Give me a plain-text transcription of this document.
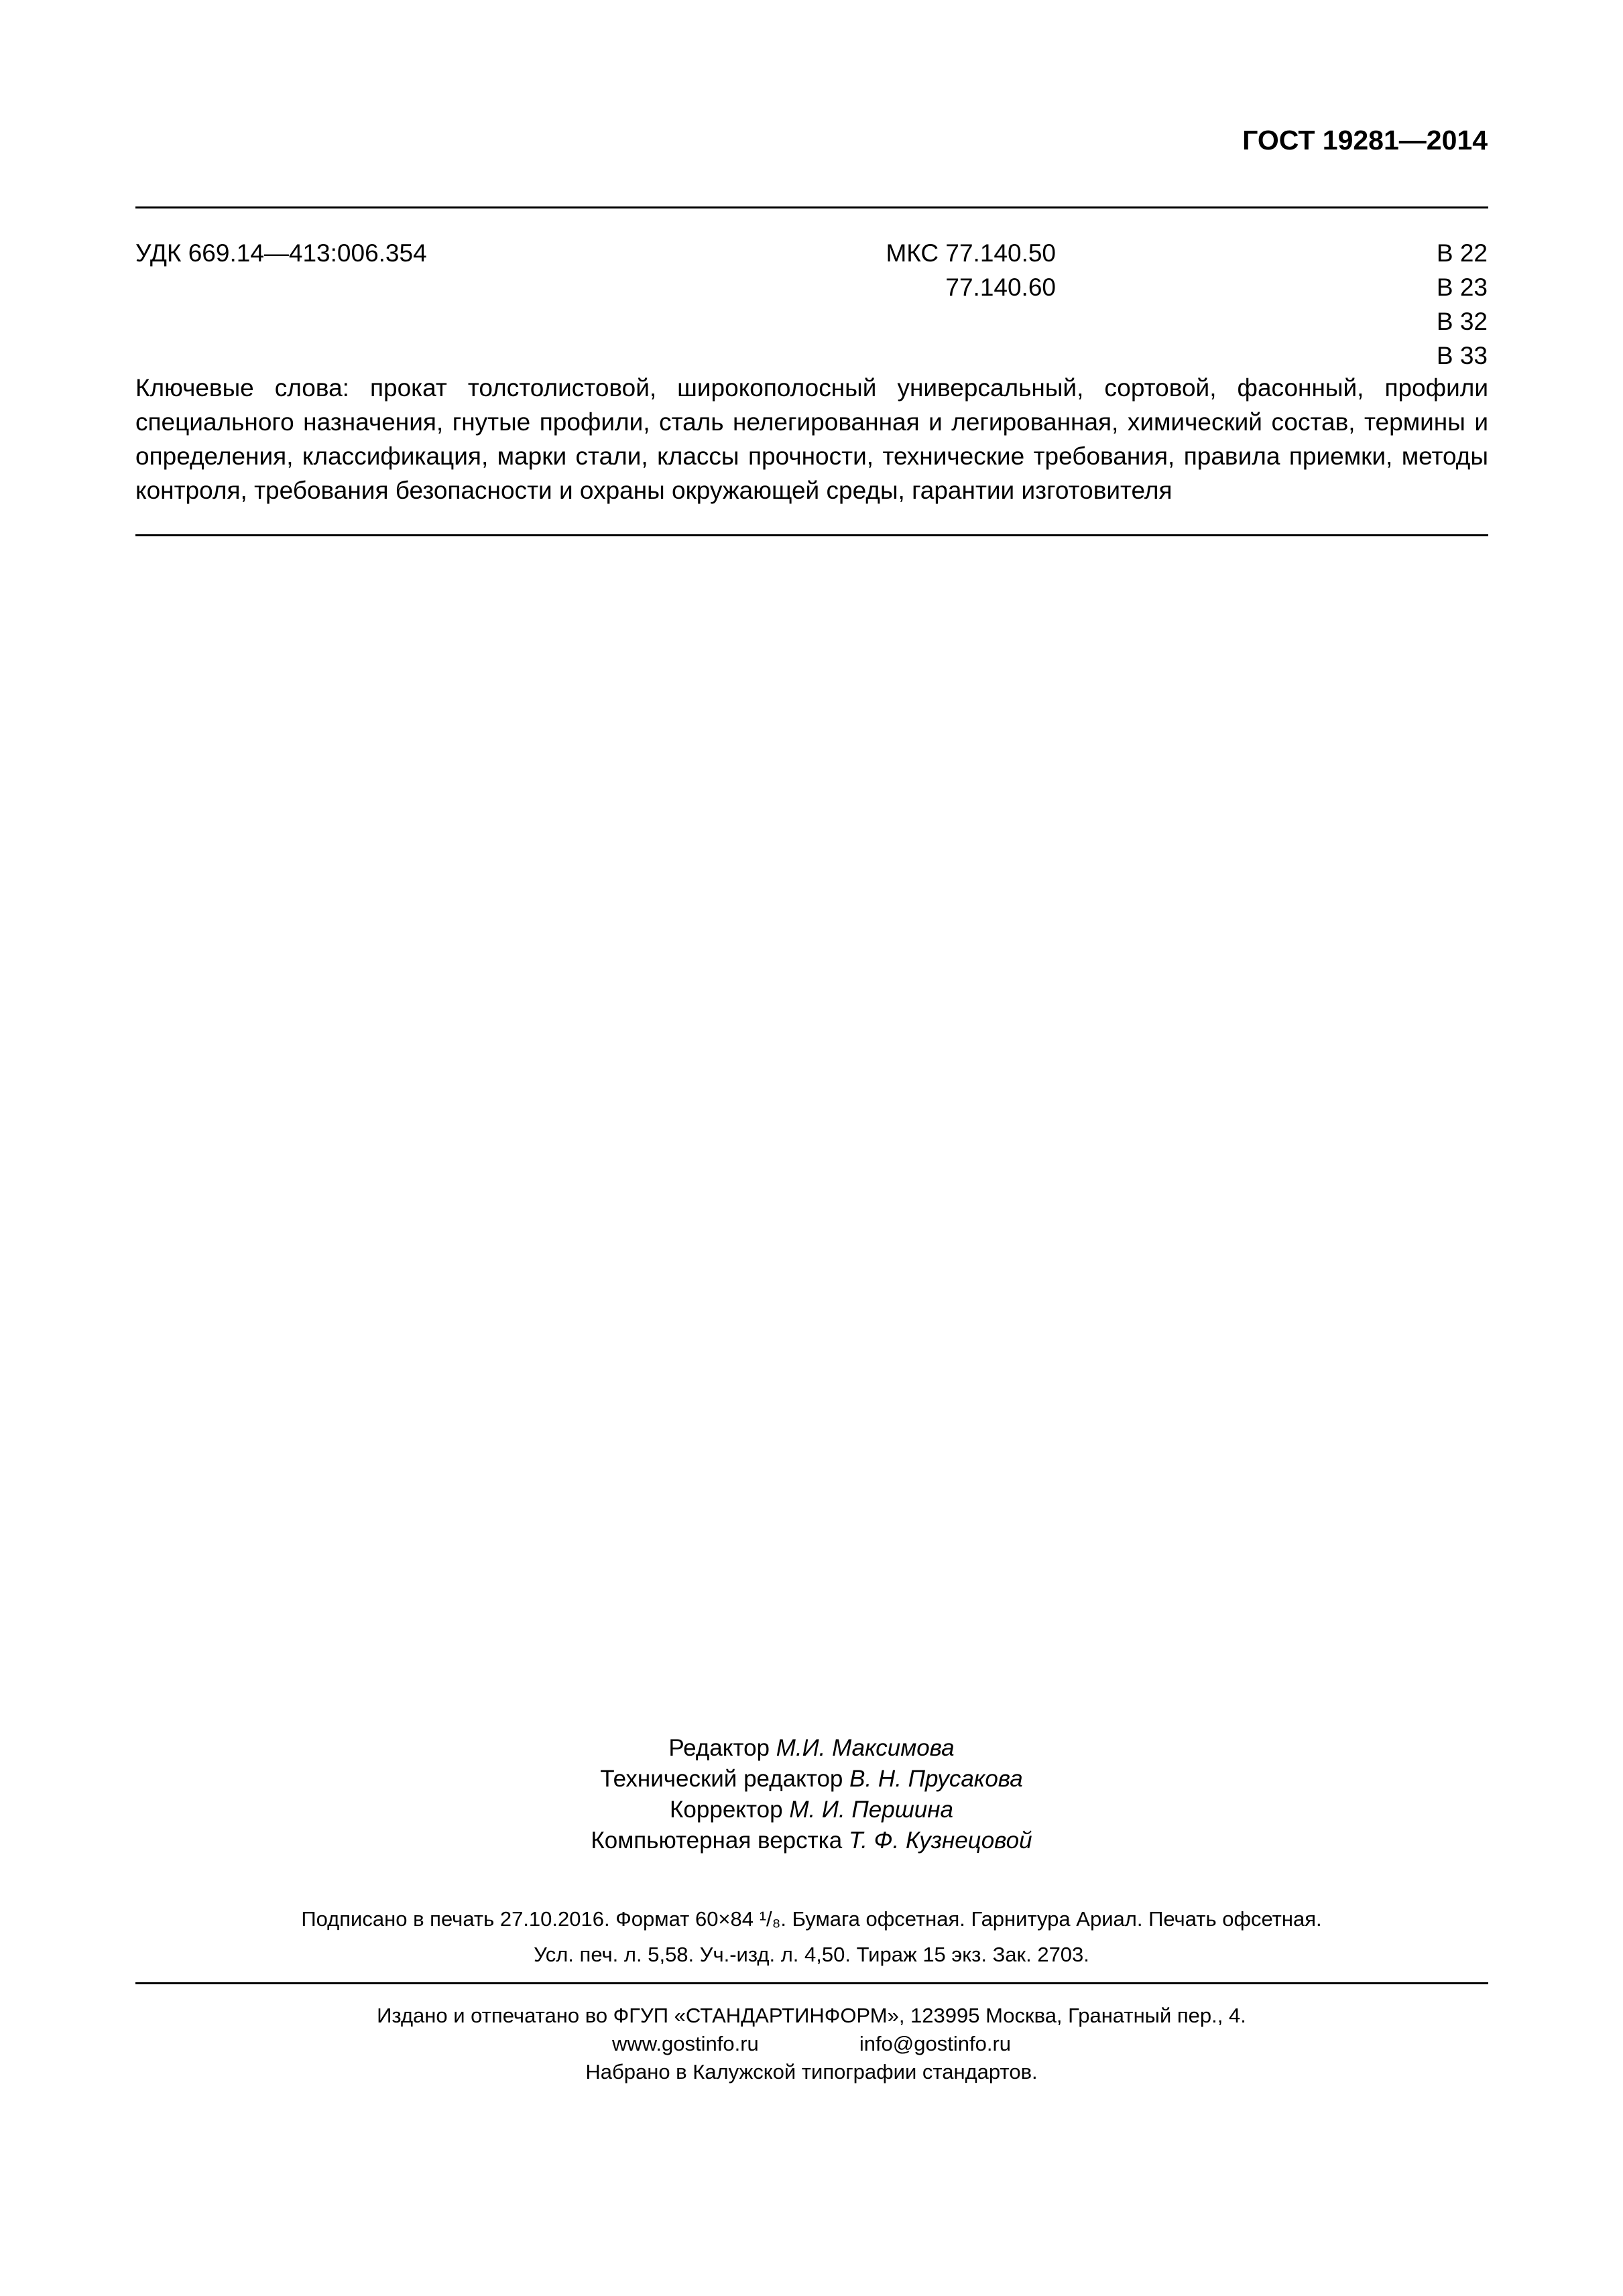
ГОСТ 19281—2014
УДК 669.14—413:006.354	МКС 77.140.50
77.140.60
В 22
В 23
В 32
В 33
Ключевые слова: прокат толстолистовой, широкополосный универсальный, сортовой, фасонный, профили специального назначения, гнутые профили, сталь нелегированная и легированная, химический состав, термины и определения, классификация, марки стали, классы прочности, технические требования, правила приемки, методы контроля, требования безопасности и охраны окружающей среды, гарантии изготовителя
Редактор М.И. Максимова
Технический редактор В. Н. Прусакова
Корректор М. И. Першина
Компьютерная верстка Т. Ф. Кузнецовой
Подписано в печать 27.10.2016. Формат 60×84 ¹/₈. Бумага офсетная. Гарнитура Ариал. Печать офсетная.
Усл. печ. л. 5,58. Уч.-изд. л. 4,50. Тираж 15 экз. Зак. 2703.
Издано и отпечатано во ФГУП «СТАНДАРТИНФОРМ», 123995 Москва, Гранатный пер., 4.
www.gostinfo.ru	info@gostinfo.ru
Набрано в Калужской типографии стандартов.
